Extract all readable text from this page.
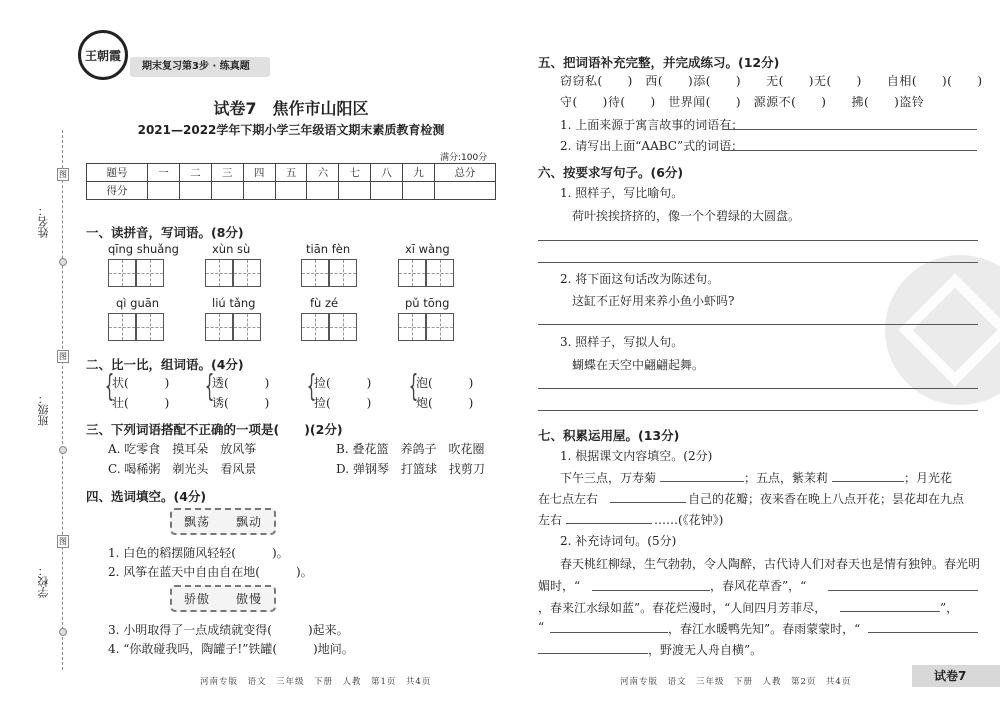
王朝霞
期末复习第3步 · 练真题
姓名：
班级：
学校：
图
图
图
试卷7　焦作市山阳区
2021—2022学年下期小学三年级语文期末素质教育检测
满分:100分
题号	一	二	三	四	五	六	七	八	九	总分
得分										
一、读拼音，写词语。(8分)
qīng shuǎng	xùn sù	tiān fèn	xī wàng
qì guān	liú tǎng	fù zé	pǔ tōng
二、比一比，组词语。(4分)
{	{	{	{
状(　　　)
壮(　　　)
透(　　　)
诱(　　　)
捡(　　　)
捡(　　　)
泡(　　　)
炮(　　　)
三、下列词语搭配不正确的一项是(　　)(2分)
A. 吃零食　摸耳朵　放风筝	B. 叠花篮　养鸽子　吹花圈
C. 喝稀粥　剃光头　看风景	D. 弹钢琴　打篮球　找剪刀
四、选词填空。(4分)
飘荡　　飘动
1. 白色的稻摆随风轻轻(　　　)。
2. 风筝在蓝天中自由自在地(　　　)。
骄傲　　傲慢
3. 小明取得了一点成绩就变得(　　　)起来。
4. “你敢碰我吗，陶罐子!”铁罐(　　　)地问。
河南专版　语文　三年级　下册　人教　第1页　共4页	河南专版　语文　三年级　下册　人教　第2页　共4页	试卷7
五、把词语补充完整，并完成练习。(12分)
窃窃私(　　)　西(　　)添(　　)　　无(　　)无(　　)　　自相(　　)(　　)
守(　　)待(　　)　世界闻(　　)　源源不(　　)　　拂(　　)盗铃
1. 上面来源于寓言故事的词语有：
2. 请写出上面“AABC”式的词语：
六、按要求写句子。(6分)
1. 照样子，写比喻句。
荷叶挨挨挤挤的，像一个个碧绿的大圆盘。
2. 将下面这句话改为陈述句。
这缸不正好用来养小鱼小虾吗?
3. 照样子，写拟人句。
蝴蝶在天空中翩翩起舞。
七、积累运用屋。(13分)
1. 根据课文内容填空。(2分)
下午三点，万寿菊	；五点，紫茉莉	；月光花
在七点左右	自己的花瓣；夜来香在晚上八点开花；昙花却在九点
左右	……(《花钟》)
2. 补充诗词句。(5分)
春天桃红柳绿，生气勃勃，令人陶醉，古代诗人们对春天也是情有独钟。春光明
媚时，“	，春风花草香”，“
，春来江水绿如蓝”。春花烂漫时，“人间四月芳菲尽，	”，
“	，春江水暖鸭先知”。春雨蒙蒙时，“
，野渡无人舟自横”。
